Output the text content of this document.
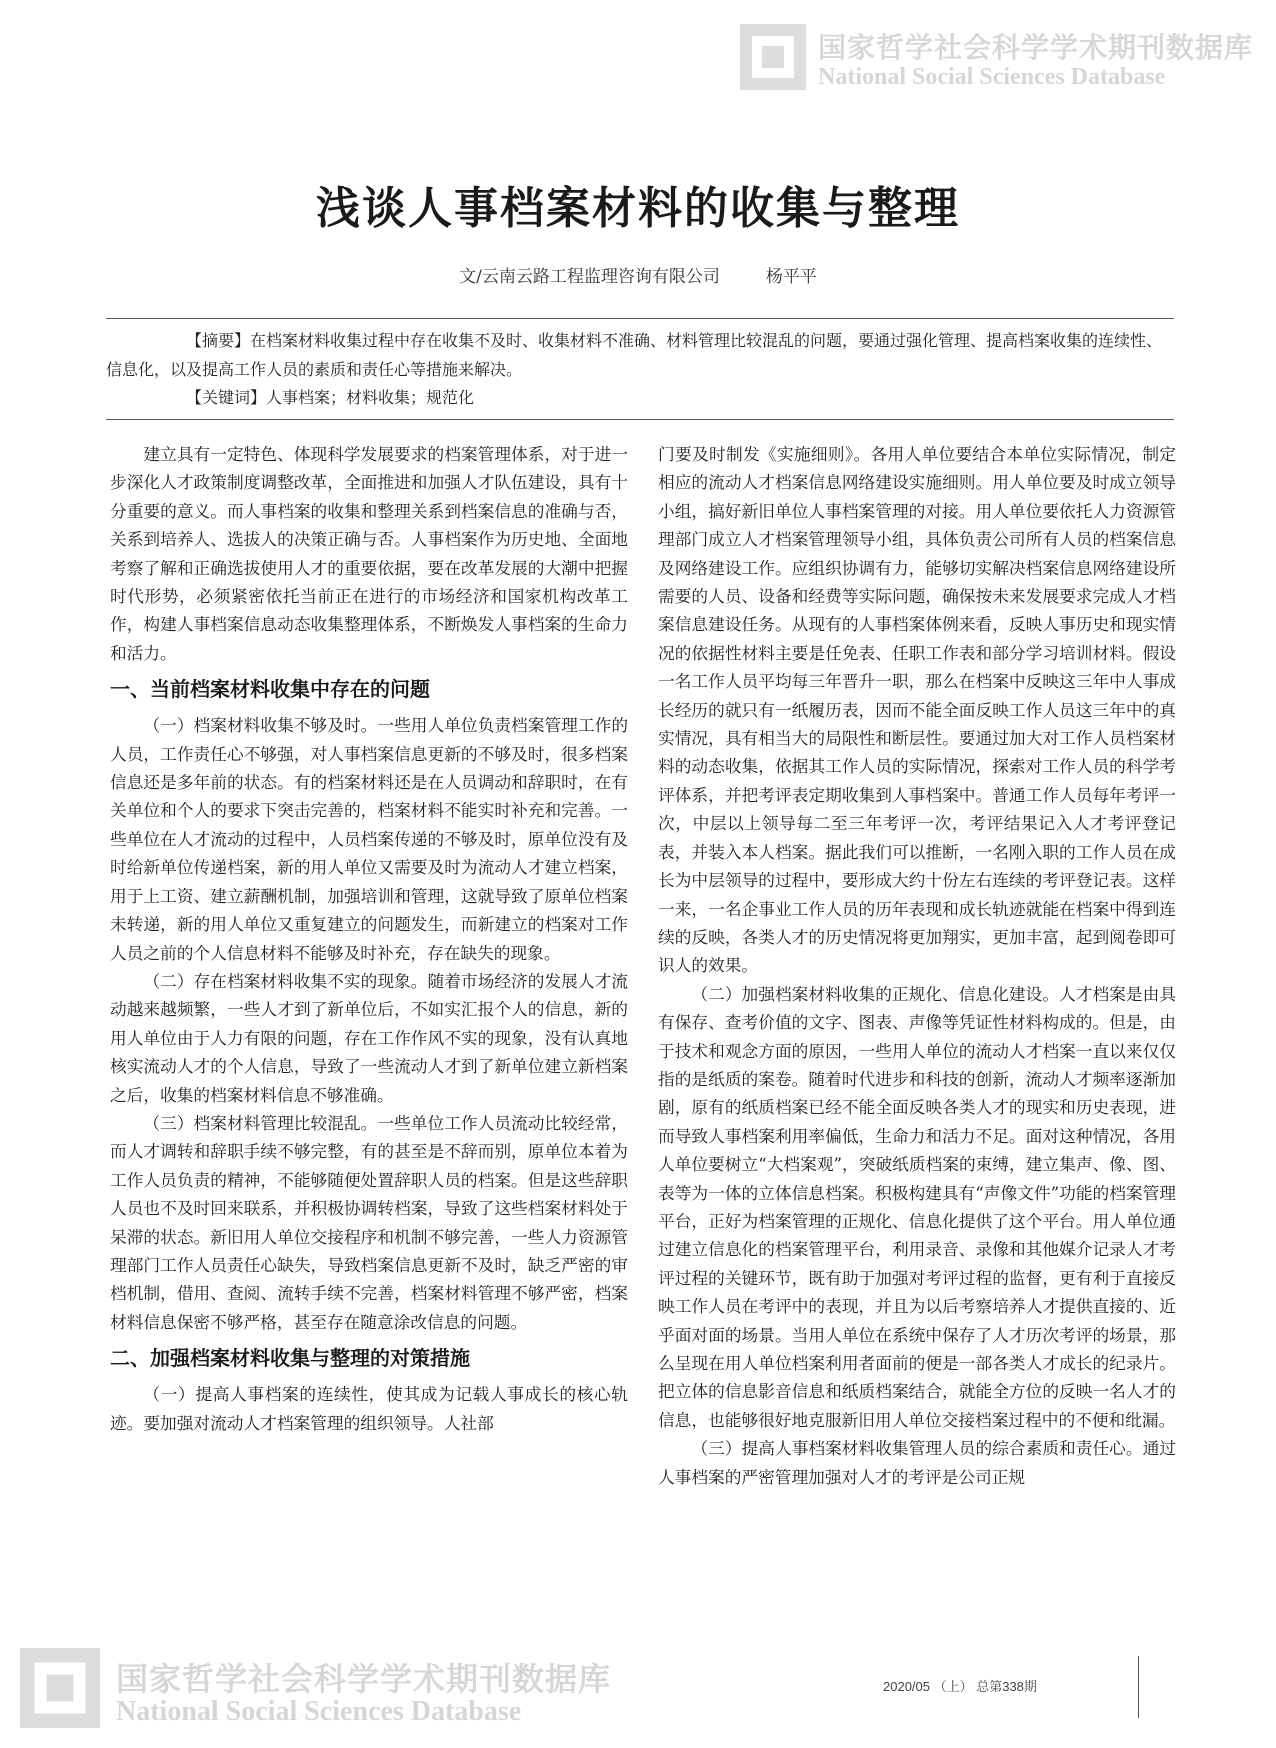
国家哲学社会科学学术期刊数据库
National Social Sciences Database
浅谈人事档案材料的收集与整理
文/云南云路工程监理咨询有限公司	杨平平

【摘要】在档案材料收集过程中存在收集不及时、收集材料不准确、材料管理比较混乱的问题，要通过强化管理、提高档案收集的连续性、信息化，以及提高工作人员的素质和责任心等措施来解决。

【关键词】人事档案；材料收集；规范化

建立具有一定特色、体现科学发展要求的档案管理体系，对于进一步深化人才政策制度调整改革，全面推进和加强人才队伍建设，具有十分重要的意义。而人事档案的收集和整理关系到档案信息的准确与否，关系到培养人、选拔人的决策正确与否。人事档案作为历史地、全面地考察了解和正确选拔使用人才的重要依据，要在改革发展的大潮中把握时代形势，必须紧密依托当前正在进行的市场经济和国家机构改革工作，构建人事档案信息动态收集整理体系，不断焕发人事档案的生命力和活力。

一、当前档案材料收集中存在的问题

（一）档案材料收集不够及时。一些用人单位负责档案管理工作的人员，工作责任心不够强，对人事档案信息更新的不够及时，很多档案信息还是多年前的状态。有的档案材料还是在人员调动和辞职时，在有关单位和个人的要求下突击完善的，档案材料不能实时补充和完善。一些单位在人才流动的过程中，人员档案传递的不够及时，原单位没有及时给新单位传递档案，新的用人单位又需要及时为流动人才建立档案，用于上工资、建立薪酬机制，加强培训和管理，这就导致了原单位档案未转递，新的用人单位又重复建立的问题发生，而新建立的档案对工作人员之前的个人信息材料不能够及时补充，存在缺失的现象。

（二）存在档案材料收集不实的现象。随着市场经济的发展人才流动越来越频繁，一些人才到了新单位后，不如实汇报个人的信息，新的用人单位由于人力有限的问题，存在工作作风不实的现象，没有认真地核实流动人才的个人信息，导致了一些流动人才到了新单位建立新档案之后，收集的档案材料信息不够准确。

（三）档案材料管理比较混乱。一些单位工作人员流动比较经常，而人才调转和辞职手续不够完整，有的甚至是不辞而别，原单位本着为工作人员负责的精神，不能够随便处置辞职人员的档案。但是这些辞职人员也不及时回来联系，并积极协调转档案，导致了这些档案材料处于呆滞的状态。新旧用人单位交接程序和机制不够完善，一些人力资源管理部门工作人员责任心缺失，导致档案信息更新不及时，缺乏严密的审档机制，借用、查阅、流转手续不完善，档案材料管理不够严密，档案材料信息保密不够严格，甚至存在随意涂改信息的问题。

二、加强档案材料收集与整理的对策措施

（一）提高人事档案的连续性，使其成为记载人事成长的核心轨迹。要加强对流动人才档案管理的组织领导。人社部

门要及时制发《实施细则》。各用人单位要结合本单位实际情况，制定相应的流动人才档案信息网络建设实施细则。用人单位要及时成立领导小组，搞好新旧单位人事档案管理的对接。用人单位要依托人力资源管理部门成立人才档案管理领导小组，具体负责公司所有人员的档案信息及网络建设工作。应组织协调有力，能够切实解决档案信息网络建设所需要的人员、设备和经费等实际问题，确保按未来发展要求完成人才档案信息建设任务。从现有的人事档案体例来看，反映人事历史和现实情况的依据性材料主要是任免表、任职工作表和部分学习培训材料。假设一名工作人员平均每三年晋升一职，那么在档案中反映这三年中人事成长经历的就只有一纸履历表，因而不能全面反映工作人员这三年中的真实情况，具有相当大的局限性和断层性。要通过加大对工作人员档案材料的动态收集，依据其工作人员的实际情况，探索对工作人员的科学考评体系，并把考评表定期收集到人事档案中。普通工作人员每年考评一次，中层以上领导每二至三年考评一次，考评结果记入人才考评登记表，并装入本人档案。据此我们可以推断，一名刚入职的工作人员在成长为中层领导的过程中，要形成大约十份左右连续的考评登记表。这样一来，一名企事业工作人员的历年表现和成长轨迹就能在档案中得到连续的反映，各类人才的历史情况将更加翔实，更加丰富，起到阅卷即可识人的效果。

（二）加强档案材料收集的正规化、信息化建设。人才档案是由具有保存、查考价值的文字、图表、声像等凭证性材料构成的。但是，由于技术和观念方面的原因，一些用人单位的流动人才档案一直以来仅仅指的是纸质的案卷。随着时代进步和科技的创新，流动人才频率逐渐加剧，原有的纸质档案已经不能全面反映各类人才的现实和历史表现，进而导致人事档案利用率偏低，生命力和活力不足。面对这种情况，各用人单位要树立“大档案观”，突破纸质档案的束缚，建立集声、像、图、表等为一体的立体信息档案。积极构建具有“声像文件”功能的档案管理平台，正好为档案管理的正规化、信息化提供了这个平台。用人单位通过建立信息化的档案管理平台，利用录音、录像和其他媒介记录人才考评过程的关键环节，既有助于加强对考评过程的监督，更有利于直接反映工作人员在考评中的表现，并且为以后考察培养人才提供直接的、近乎面对面的场景。当用人单位在系统中保存了人才历次考评的场景，那么呈现在用人单位档案利用者面前的便是一部各类人才成长的纪录片。把立体的信息影音信息和纸质档案结合，就能全方位的反映一名人才的信息，也能够很好地克服新旧用人单位交接档案过程中的不便和纰漏。

（三）提高人事档案材料收集管理人员的综合素质和责任心。通过人事档案的严密管理加强对人才的考评是公司正规

国家哲学社会科学学术期刊数据库
National Social Sciences Database
2020/05 （上） 总第338期
